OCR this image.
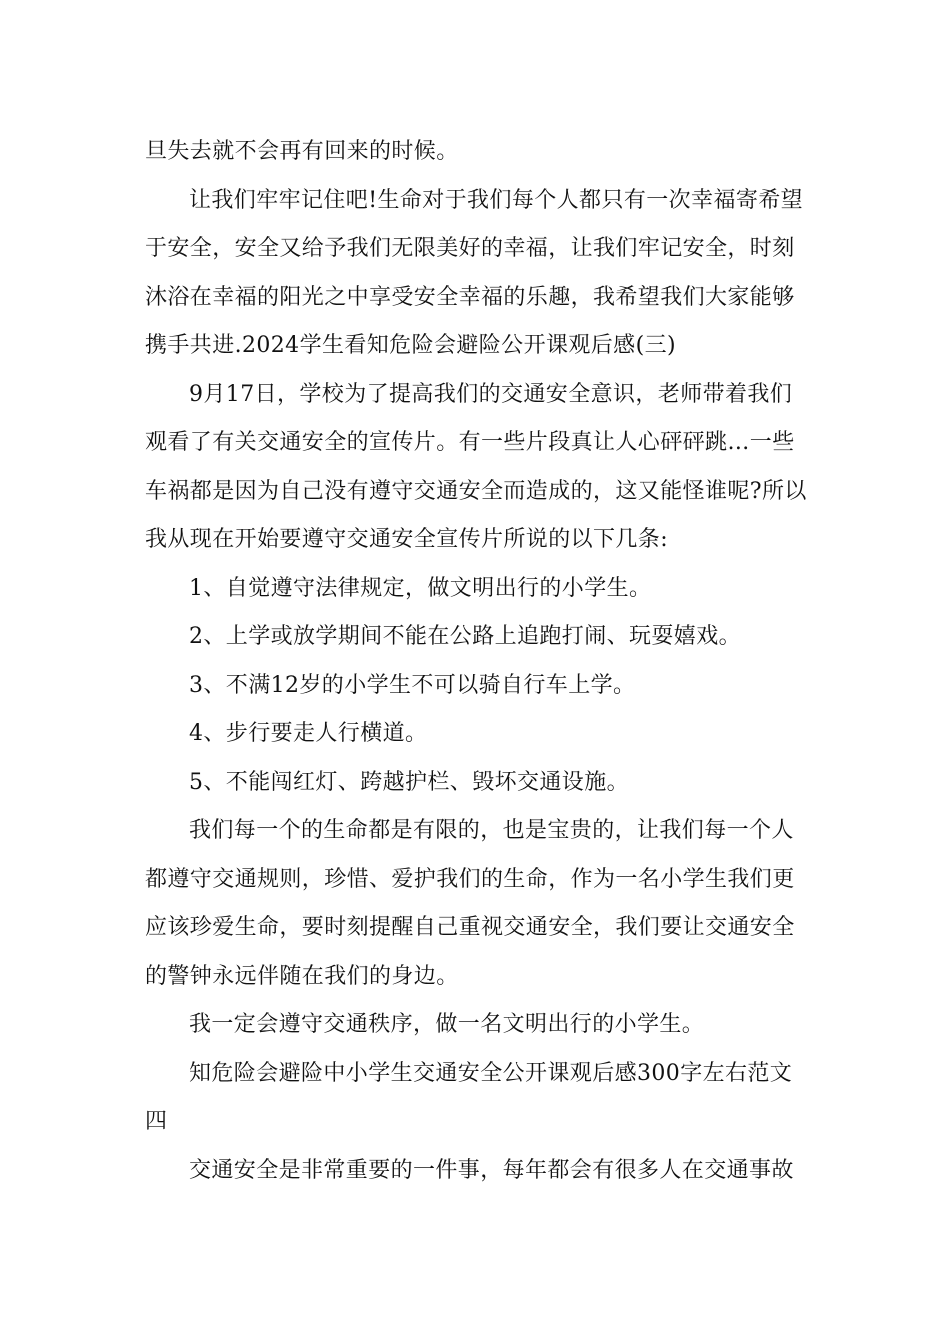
旦失去就不会再有回来的时候。
让我们牢牢记住吧!生命对于我们每个人都只有一次幸福寄希望
于安全，安全又给予我们无限美好的幸福，让我们牢记安全，时刻
沐浴在幸福的阳光之中享受安全幸福的乐趣，我希望我们大家能够
携手共进.2024学生看知危险会避险公开课观后感(三)
9月17日，学校为了提高我们的交通安全意识，老师带着我们
观看了有关交通安全的宣传片。有一些片段真让人心砰砰跳…一些
车祸都是因为自己没有遵守交通安全而造成的，这又能怪谁呢?所以
我从现在开始要遵守交通安全宣传片所说的以下几条:
1、自觉遵守法律规定，做文明出行的小学生。
2、上学或放学期间不能在公路上追跑打闹、玩耍嬉戏。
3、不满12岁的小学生不可以骑自行车上学。
4、步行要走人行横道。
5、不能闯红灯、跨越护栏、毁坏交通设施。
我们每一个的生命都是有限的，也是宝贵的，让我们每一个人
都遵守交通规则，珍惜、爱护我们的生命，作为一名小学生我们更
应该珍爱生命，要时刻提醒自己重视交通安全，我们要让交通安全
的警钟永远伴随在我们的身边。
我一定会遵守交通秩序，做一名文明出行的小学生。
知危险会避险中小学生交通安全公开课观后感300字左右范文
四
交通安全是非常重要的一件事，每年都会有很多人在交通事故
